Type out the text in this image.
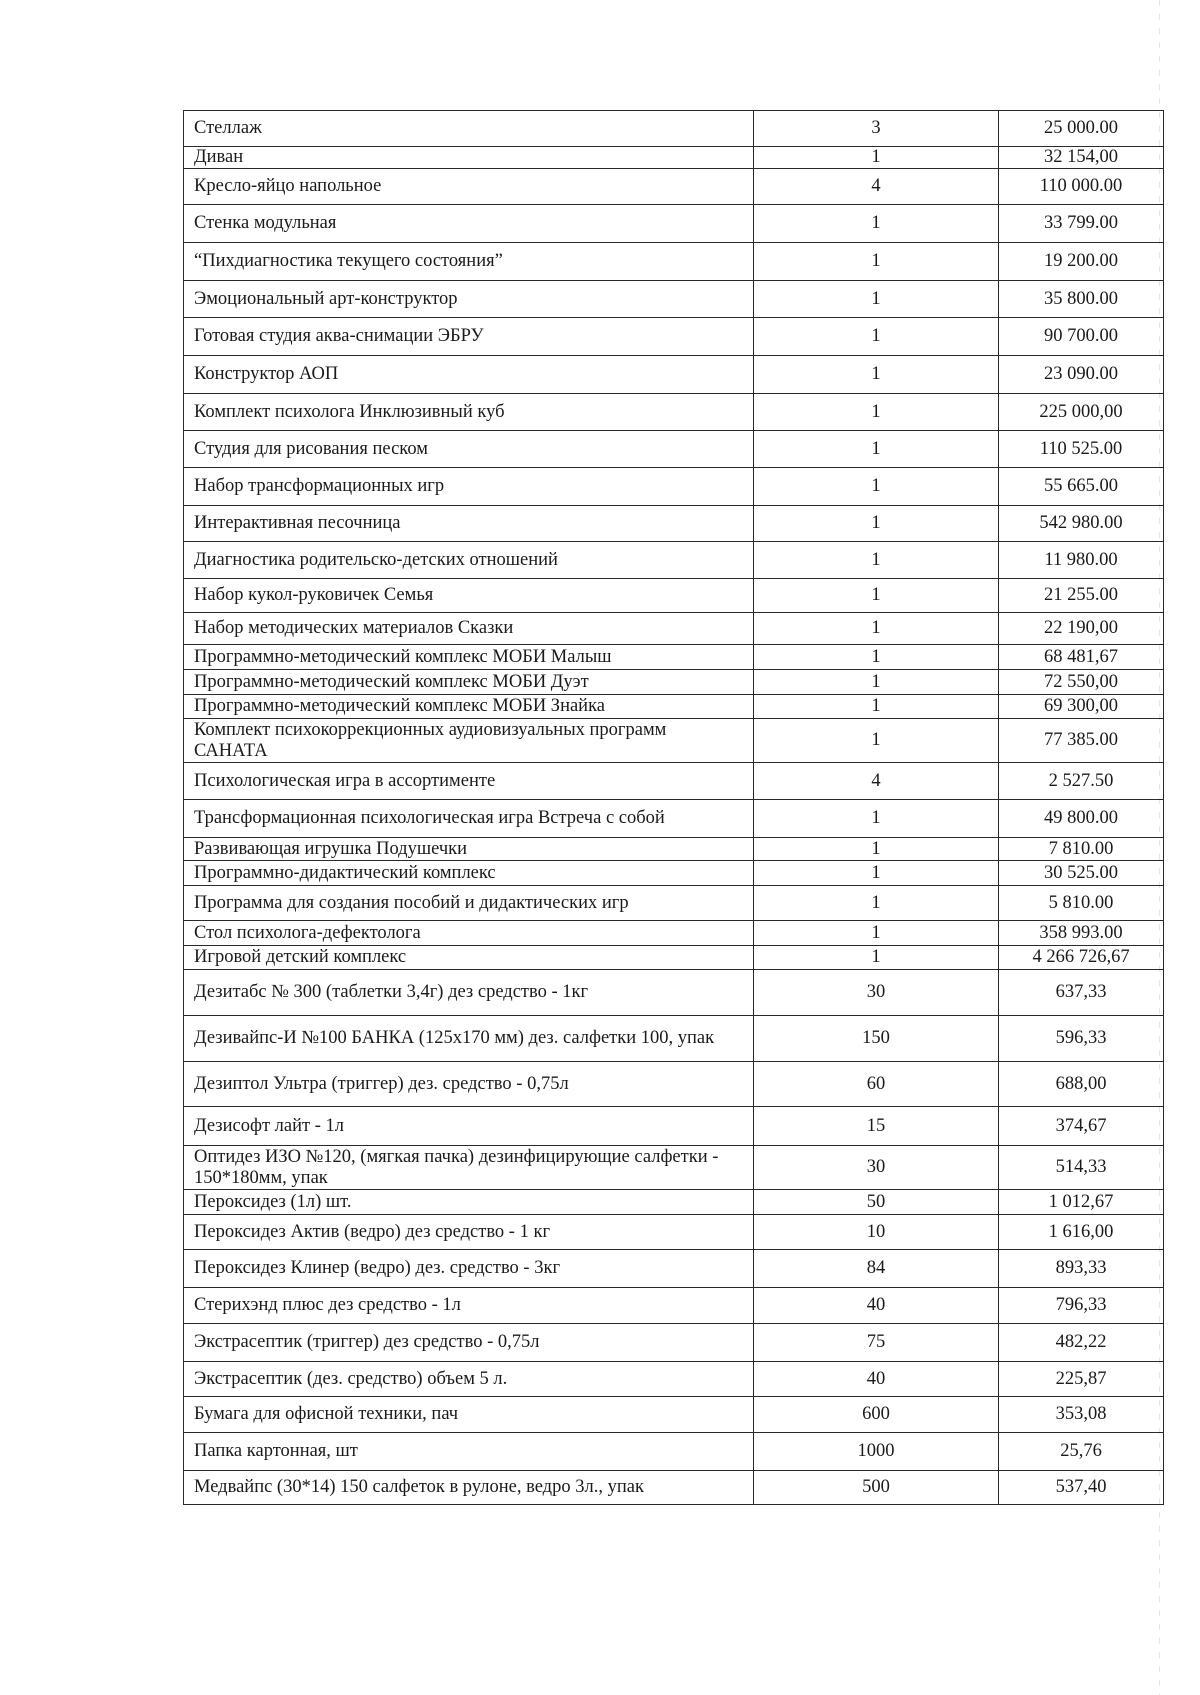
Стеллаж	3	25 000.00
Диван	1	32 154,00
Кресло-яйцо напольное	4	110 000.00
Стенка модульная	1	33 799.00
“Пихдиагностика текущего состояния”	1	19 200.00
Эмоциональный арт-конструктор	1	35 800.00
Готовая студия аква-снимации ЭБРУ	1	90 700.00
Конструктор АОП	1	23 090.00
Комплект психолога Инклюзивный куб	1	225 000,00
Студия для рисования песком	1	110 525.00
Набор трансформационных игр	1	55 665.00
Интерактивная песочница	1	542 980.00
Диагностика родительско-детских отношений	1	11 980.00
Набор кукол-руковичек Семья	1	21 255.00
Набор методических материалов Сказки	1	22 190,00
Программно-методический комплекс МОБИ Малыш	1	68 481,67
Программно-методический комплекс МОБИ Дуэт	1	72 550,00
Программно-методический комплекс МОБИ Знайка	1	69 300,00
Комплект психокоррекционных аудиовизуальных программ САНАТА	1	77 385.00
Психологическая игра в ассортименте	4	2 527.50
Трансформационная психологическая игра Встреча с собой	1	49 800.00
Развивающая игрушка Подушечки	1	7 810.00
Программно-дидактический комплекс	1	30 525.00
Программа для создания пособий и дидактических игр	1	5 810.00
Стол психолога-дефектолога	1	358 993.00
Игровой детский комплекс	1	4 266 726,67
Дезитабс № 300 (таблетки 3,4г) дез средство - 1кг	30	637,33
Дезивайпс-И №100 БАНКА (125x170 мм) дез. салфетки 100, упак	150	596,33
Дезиптол Ультра (триггер) дез. средство - 0,75л	60	688,00
Дезисофт лайт - 1л	15	374,67
Оптидез ИЗО №120, (мягкая пачка) дезинфицирующие салфетки - 150*180мм, упак	30	514,33
Пероксидез (1л) шт.	50	1 012,67
Пероксидез Актив (ведро) дез средство - 1 кг	10	1 616,00
Пероксидез Клинер (ведро) дез. средство - 3кг	84	893,33
Стерихэнд плюс дез средство - 1л	40	796,33
Экстрасептик (триггер) дез средство - 0,75л	75	482,22
Экстрасептик (дез. средство) объем 5 л.	40	225,87
Бумага для офисной техники, пач	600	353,08
Папка картонная, шт	1000	25,76
Медвайпс (30*14) 150 салфеток в рулоне, ведро 3л., упак	500	537,40
